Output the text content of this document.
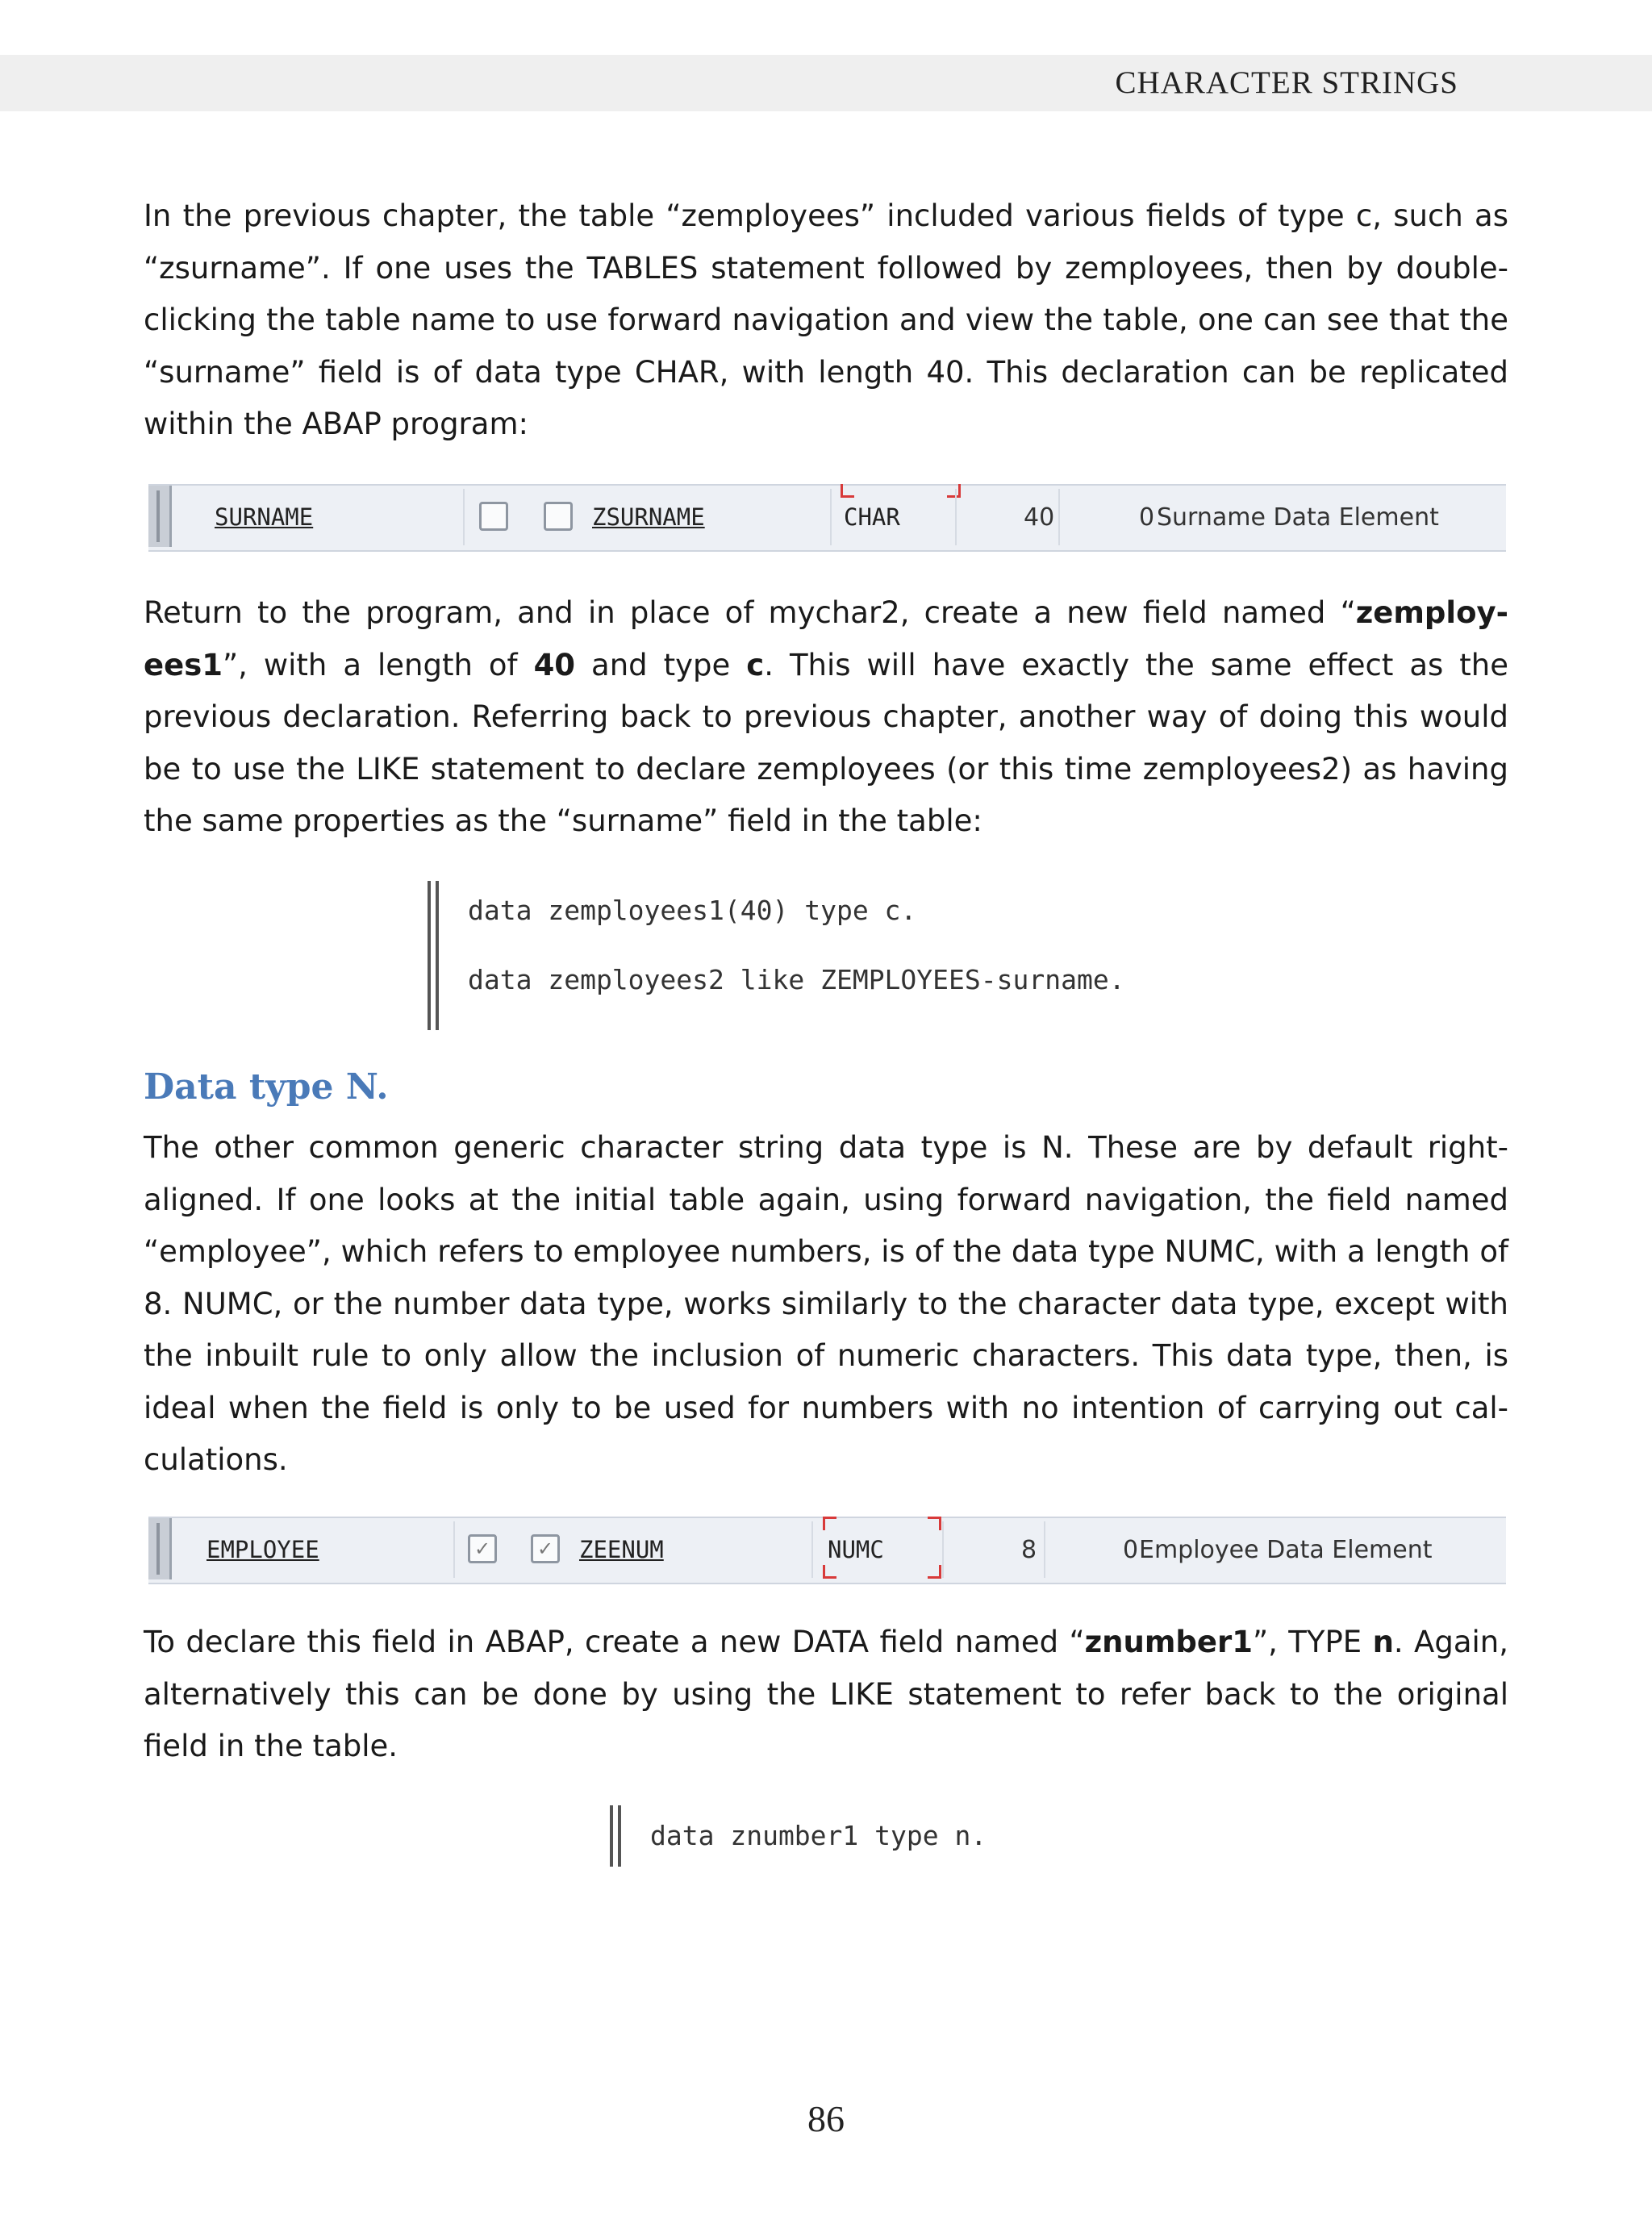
CHARACTER STRINGS

In the previous chapter, the table “zemployees” included various fields of type c, such as “zsurname”. If one uses the TABLES statement followed by zemployees, then by double-clicking the table name to use forward navigation and view the table, one can see that the “surname” field is of data type CHAR, with length 40. This declaration can be replicated within the ABAP program:

SURNAME	ZSURNAME	CHAR	40	0 Surname Data Element

Return to the program, and in place of mychar2, create a new field named “zemploy-ees1”, with a length of 40 and type c. This will have exactly the same effect as the previous declaration. Referring back to previous chapter, another way of doing this would be to use the LIKE statement to declare zemployees (or this time zemployees2) as having the same properties as the “surname” field in the table:

data zemployees1(40) type c.
data zemployees2 like ZEMPLOYEES-surname.
Data type N.

The other common generic character string data type is N. These are by default right-aligned. If one looks at the initial table again, using forward navigation, the field named “employee”, which refers to employee numbers, is of the data type NUMC, with a length of 8. NUMC, or the number data type, works similarly to the character data type, except with the inbuilt rule to only allow the inclusion of numeric characters. This data type, then, is ideal when the field is only to be used for numbers with no intention of carrying out cal-culations.

EMPLOYEE	✓	✓ ZEENUM	NUMC	8	0 Employee Data Element

To declare this field in ABAP, create a new DATA field named “znumber1”, TYPE n. Again, alternatively this can be done by using the LIKE statement to refer back to the original field in the table.

data znumber1 type n.
86
